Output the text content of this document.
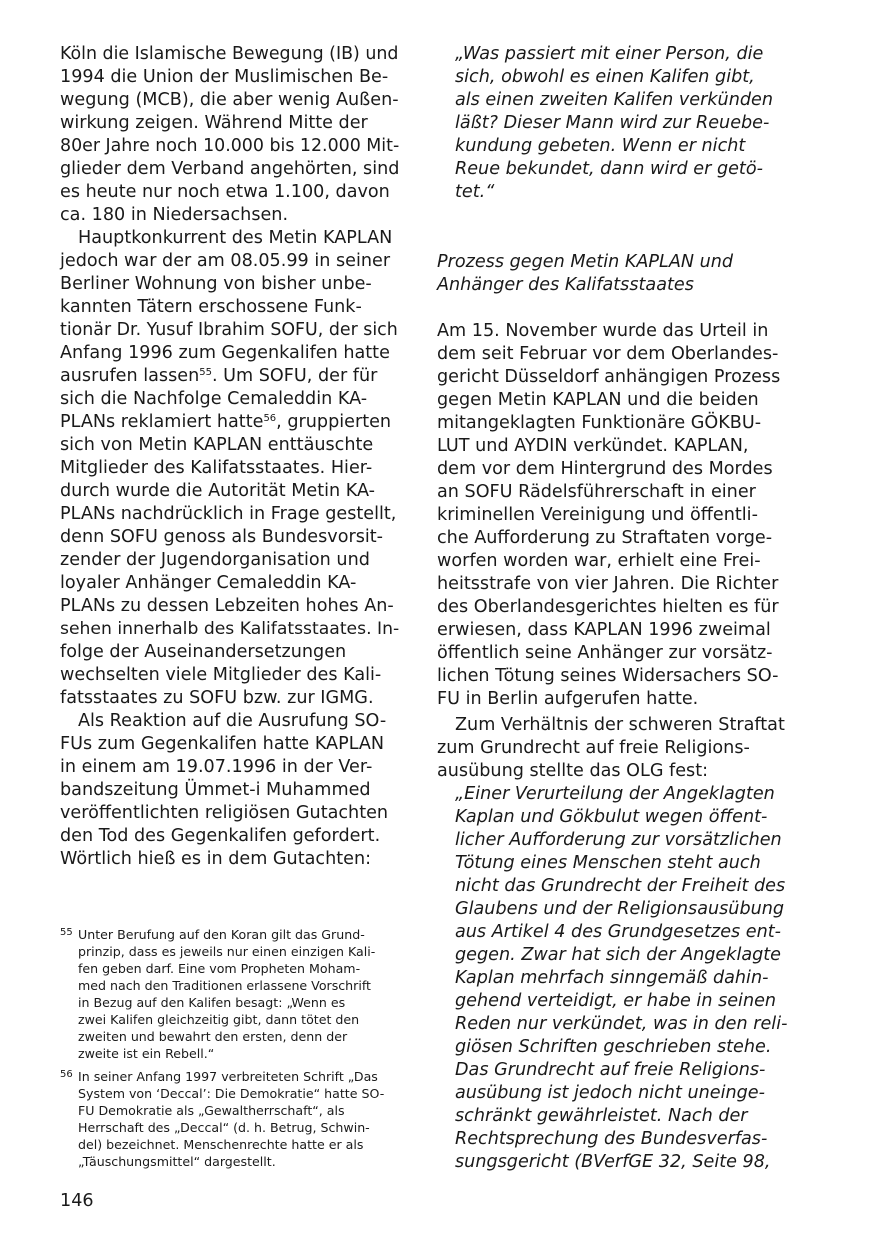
Köln die Islamische Bewegung (IB) und
1994 die Union der Muslimischen Be-
wegung (MCB), die aber wenig Außen-
wirkung zeigen. Während Mitte der
80er Jahre noch 10.000 bis 12.000 Mit-
glieder dem Verband angehörten, sind
es heute nur noch etwa 1.100, davon
ca. 180 in Niedersachsen.
Hauptkonkurrent des Metin KAPLAN
jedoch war der am 08.05.99 in seiner
Berliner Wohnung von bisher unbe-
kannten Tätern erschossene Funk-
tionär Dr. Yusuf Ibrahim SOFU, der sich
Anfang 1996 zum Gegenkalifen hatte
ausrufen lassen$^{55}$. Um SOFU, der für
sich die Nachfolge Cemaleddin KA-
PLANs reklamiert hatte$^{56}$, gruppierten
sich von Metin KAPLAN enttäuschte
Mitglieder des Kalifatsstaates. Hier-
durch wurde die Autorität Metin KA-
PLANs nachdrücklich in Frage gestellt,
denn SOFU genoss als Bundesvorsit-
zender der Jugendorganisation und
loyaler Anhänger Cemaleddin KA-
PLANs zu dessen Lebzeiten hohes An-
sehen innerhalb des Kalifatsstaates. In-
folge der Auseinandersetzungen
wechselten viele Mitglieder des Kali-
fatsstaates zu SOFU bzw. zur IGMG.
Als Reaktion auf die Ausrufung SO-
FUs zum Gegenkalifen hatte KAPLAN
in einem am 19.07.1996 in der Ver-
bandszeitung Ümmet-i Muhammed
veröffentlichten religiösen Gutachten
den Tod des Gegenkalifen gefordert.
Wörtlich hieß es in dem Gutachten:
55 Unter Berufung auf den Koran gilt das Grund-
prinzip, dass es jeweils nur einen einzigen Kali-
fen geben darf. Eine vom Propheten Moham-
med nach den Traditionen erlassene Vorschrift
in Bezug auf den Kalifen besagt: „Wenn es
zwei Kalifen gleichzeitig gibt, dann tötet den
zweiten und bewahrt den ersten, denn der
zweite ist ein Rebell.“
56 In seiner Anfang 1997 verbreiteten Schrift „Das
System von ‘Deccal’: Die Demokratie“ hatte SO-
FU Demokratie als „Gewaltherrschaft“, als
Herrschaft des „Deccal“ (d. h. Betrug, Schwin-
del) bezeichnet. Menschenrechte hatte er als
„Täuschungsmittel“ dargestellt.
„Was passiert mit einer Person, die
sich, obwohl es einen Kalifen gibt,
als einen zweiten Kalifen verkünden
läßt? Dieser Mann wird zur Reuebe-
kundung gebeten. Wenn er nicht
Reue bekundet, dann wird er getö-
tet.“
Prozess gegen Metin KAPLAN und
Anhänger des Kalifatsstaates
Am 15. November wurde das Urteil in
dem seit Februar vor dem Oberlandes-
gericht Düsseldorf anhängigen Prozess
gegen Metin KAPLAN und die beiden
mitangeklagten Funktionäre GÖKBU-
LUT und AYDIN verkündet. KAPLAN,
dem vor dem Hintergrund des Mordes
an SOFU Rädelsführerschaft in einer
kriminellen Vereinigung und öffentli-
che Aufforderung zu Straftaten vorge-
worfen worden war, erhielt eine Frei-
heitsstrafe von vier Jahren. Die Richter
des Oberlandesgerichtes hielten es für
erwiesen, dass KAPLAN 1996 zweimal
öffentlich seine Anhänger zur vorsätz-
lichen Tötung seines Widersachers SO-
FU in Berlin aufgerufen hatte.
Zum Verhältnis der schweren Straftat
zum Grundrecht auf freie Religions-
ausübung stellte das OLG fest:
„Einer Verurteilung der Angeklagten
Kaplan und Gökbulut wegen öffent-
licher Aufforderung zur vorsätzlichen
Tötung eines Menschen steht auch
nicht das Grundrecht der Freiheit des
Glaubens und der Religionsausübung
aus Artikel 4 des Grundgesetzes ent-
gegen. Zwar hat sich der Angeklagte
Kaplan mehrfach sinngemäß dahin-
gehend verteidigt, er habe in seinen
Reden nur verkündet, was in den reli-
giösen Schriften geschrieben stehe.
Das Grundrecht auf freie Religions-
ausübung ist jedoch nicht uneinge-
schränkt gewährleistet. Nach der
Rechtsprechung des Bundesverfas-
sungsgericht (BVerfGE 32, Seite 98,
146
